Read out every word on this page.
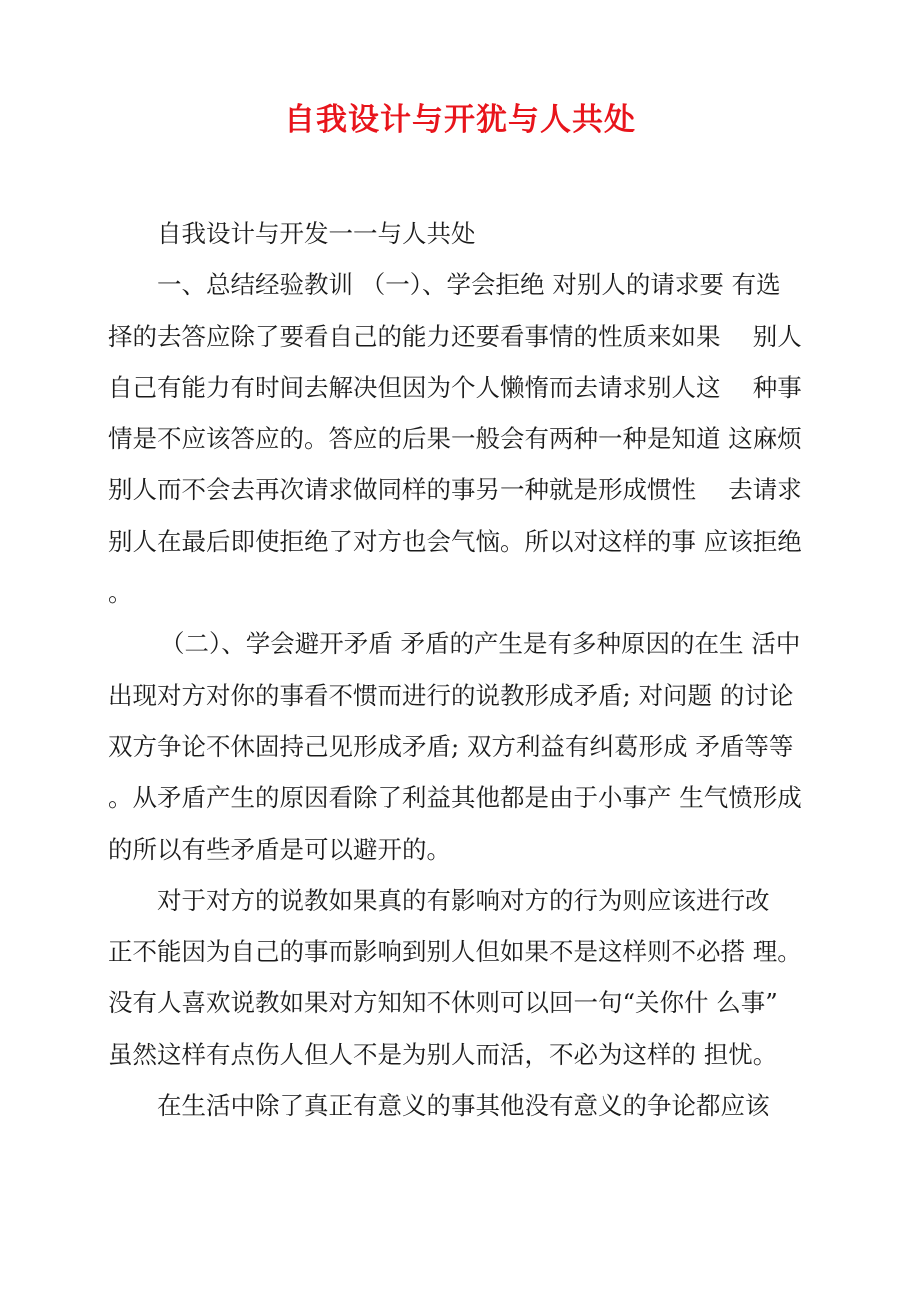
自我设计与开犹与人共处
自我设计与开发一一与人共处
一、总结经验教训 （一）、学会拒绝 对别人的请求要 有选
择的去答应除了要看自己的能力还要看事情的性质来如果 　别人
自己有能力有时间去解决但因为个人懒惰而去请求别人这 　种事
情是不应该答应的。答应的后果一般会有两种一种是知道 这麻烦
别人而不会去再次请求做同样的事另一种就是形成惯性 　去请求
别人在最后即使拒绝了对方也会气恼。所以对这样的事 应该拒绝
。
（二）、学会避开矛盾 矛盾的产生是有多种原因的在生 活中
出现对方对你的事看不惯而进行的说教形成矛盾; 对问题 的讨论
双方争论不休固持己见形成矛盾; 双方利益有纠葛形成 矛盾等等
。从矛盾产生的原因看除了利益其他都是由于小事产 生气愤形成
的所以有些矛盾是可以避开的。
对于对方的说教如果真的有影响对方的行为则应该进行改
正不能因为自己的事而影响到别人但如果不是这样则不必搭 理。
没有人喜欢说教如果对方知知不休则可以回一句“关你什 么事”
虽然这样有点伤人但人不是为别人而活，不必为这样的 担忧。
在生活中除了真正有意义的事其他没有意义的争论都应该
